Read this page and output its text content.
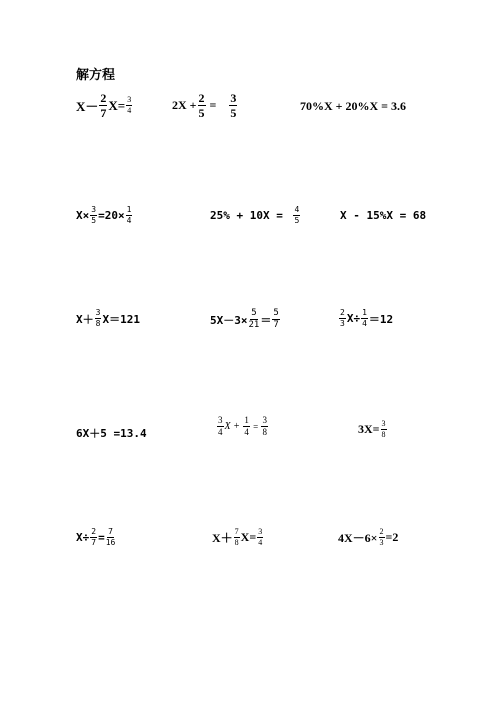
解方程
$X- \frac{2}{7} X= \frac{3}{4}$	$2X + \frac{2}{5} = \frac{3}{5}$	70%X + 20%X = 3.6
$X\times \frac{3}{5} =20\times \frac{1}{4}$	$25\% + 10X = \frac{4}{5}$	X - 15%X = 68
$X+ \frac{3}{8} X=121$	$5X-3\times \frac{5}{21} = \frac{5}{7}$	$\frac{2}{3} X\div \frac{1}{4} =12$
6X＋5 =13.4	$\frac{3}{4}$ $X + \frac{1}{4} = \frac{3}{8}$	$3X= \frac{3}{8}$
$X\div \frac{2}{7} = \frac{7}{16}$	$X+ \frac{7}{8} X= \frac{3}{4}$	$4X-6\times \frac{2}{3} =2$
